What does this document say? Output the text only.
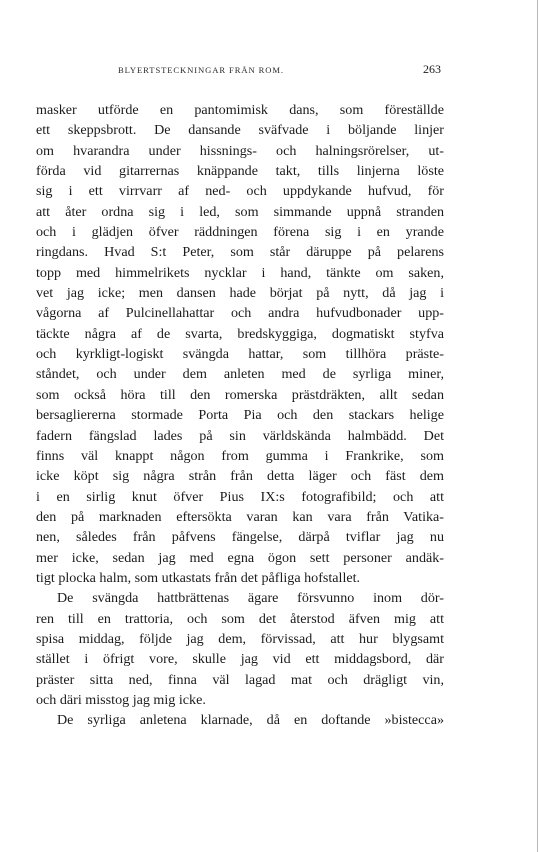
BLYERTSTECKNINGAR FRÅN ROM.	263
masker utförde en pantomimisk dans, som föreställde
ett skeppsbrott. De dansande sväfvade i böljande linjer
om hvarandra under hissnings- och halningsrörelser, ut-
förda vid gitarrernas knäppande takt, tills linjerna löste
sig i ett virrvarr af ned- och uppdykande hufvud, för
att åter ordna sig i led, som simmande uppnå stranden
och i glädjen öfver räddningen förena sig i en yrande
ringdans. Hvad S:t Peter, som står däruppe på pelarens
topp med himmelrikets nycklar i hand, tänkte om saken,
vet jag icke; men dansen hade börjat på nytt, då jag i
vågorna af Pulcinellahattar och andra hufvudbonader upp-
täckte några af de svarta, bredskyggiga, dogmatiskt styfva
och kyrkligt-logiskt svängda hattar, som tillhöra präste-
ståndet, och under dem anleten med de syrliga miner,
som också höra till den romerska prästdräkten, allt sedan
bersagliererna stormade Porta Pia och den stackars helige
fadern fängslad lades på sin världskända halmbädd. Det
finns väl knappt någon from gumma i Frankrike, som
icke köpt sig några strån från detta läger och fäst dem
i en sirlig knut öfver Pius IX:s fotografibild; och att
den på marknaden eftersökta varan kan vara från Vatika-
nen, således från påfvens fängelse, därpå tviflar jag nu
mer icke, sedan jag med egna ögon sett personer andäk-
tigt plocka halm, som utkastats från det påfliga hofstallet.
De svängda hattbrättenas ägare försvunno inom dör-
ren till en trattoria, och som det återstod äfven mig att
spisa middag, följde jag dem, förvissad, att hur blygsamt
stället i öfrigt vore, skulle jag vid ett middagsbord, där
präster sitta ned, finna väl lagad mat och drägligt vin,
och däri misstog jag mig icke.
De syrliga anletena klarnade, då en doftande »bistecca»
